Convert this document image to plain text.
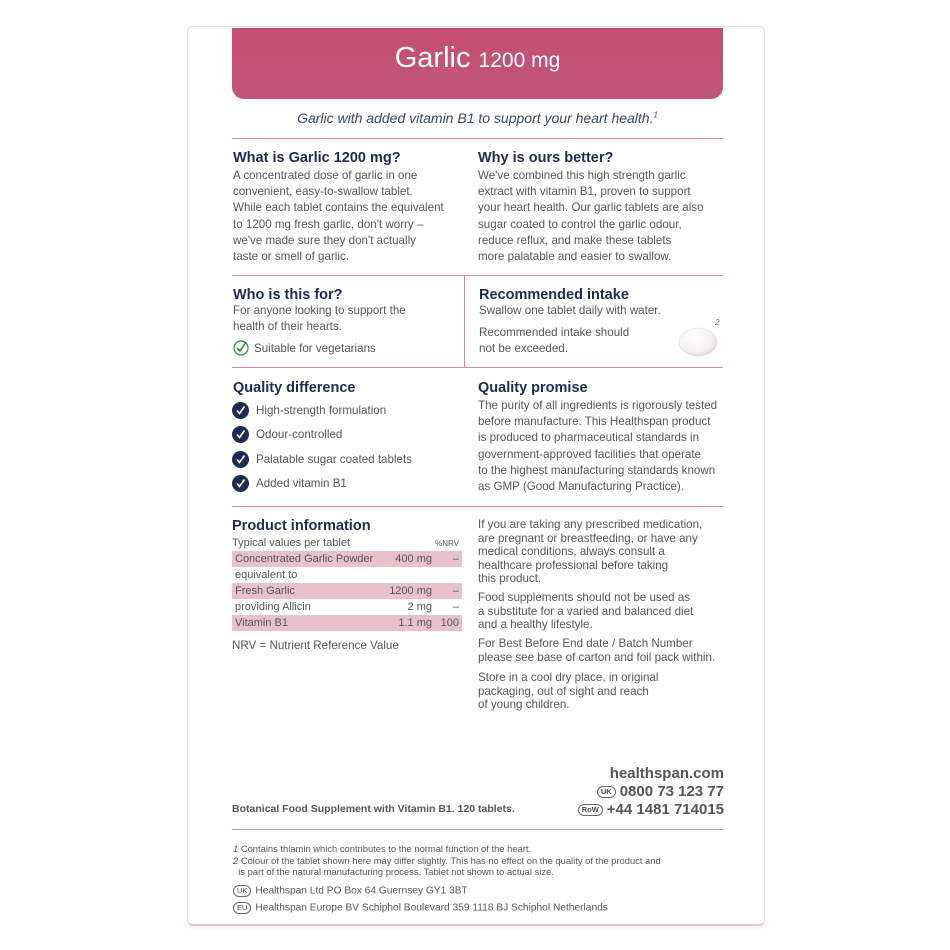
Garlic 1200 mg
Garlic with added vitamin B1 to support your heart health.$^1$
What is Garlic 1200 mg?
A concentrated dose of garlic in one
convenient, easy-to-swallow tablet.
While each tablet contains the equivalent
to 1200 mg fresh garlic, don't worry –
we've made sure they don't actually
taste or smell of garlic.
Why is ours better?
We've combined this high strength garlic
extract with vitamin B1, proven to support
your heart health. Our garlic tablets are also
sugar coated to control the garlic odour,
reduce reflux, and make these tablets
more palatable and easier to swallow.
Who is this for?
For anyone looking to support the
health of their hearts.
Suitable for vegetarians
Recommended intake
Swallow one tablet daily with water.
Recommended intake should
not be exceeded.
2
Quality difference
High-strength formulation
Odour-controlled
Palatable sugar coated tablets
Added vitamin B1
Quality promise
The purity of all ingredients is rigorously tested
before manufacture. This Healthspan product
is produced to pharmaceutical standards in
government-approved facilities that operate
to the highest manufacturing standards known
as GMP (Good Manufacturing Practice).
Product information
Typical values per tablet	%NRV
Concentrated Garlic Powder 400 mg –
equivalent to
Fresh Garlic	1200 mg –
providing Allicin	2 mg –
Vitamin B1	1.1 mg 100
NRV = Nutrient Reference Value
If you are taking any prescribed medication,
are pregnant or breastfeeding, or have any
medical conditions, always consult a
healthcare professional before taking
this product.
Food supplements should not be used as
a substitute for a varied and balanced diet
and a healthy lifestyle.
For Best Before End date / Batch Number
please see base of carton and foil pack within.
Store in a cool dry place, in original
packaging, out of sight and reach
of young children.
healthspan.com
UK 0800 73 123 77
RoW +44 1481 714015
Botanical Food Supplement with Vitamin B1. 120 tablets.
1 Contains thiamin which contributes to the normal function of the heart.
2 Colour of the tablet shown here may differ slightly. This has no effect on the quality of the product and
is part of the natural manufacturing process. Tablet not shown to actual size.
UK Healthspan Ltd PO Box 64 Guernsey GY1 3BT
EU Healthspan Europe BV Schiphol Boulevard 359 1118 BJ Schiphol Netherlands
